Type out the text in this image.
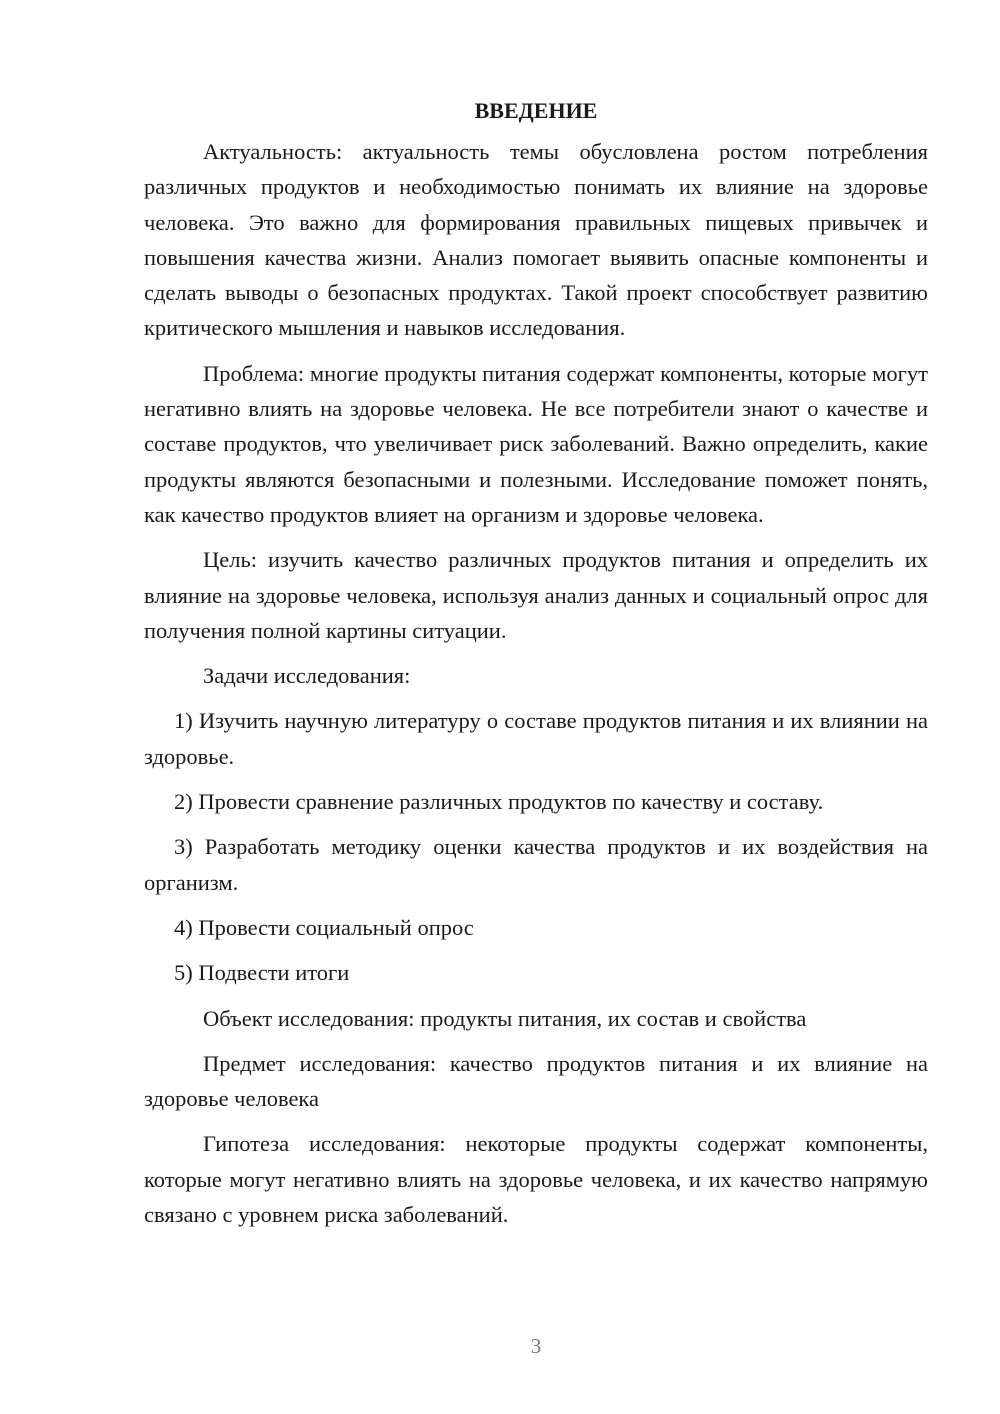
ВВЕДЕНИЕ

Актуальность: актуальность темы обусловлена ростом потребления различных продуктов и необходимостью понимать их влияние на здоровье человека. Это важно для формирования правильных пищевых привычек и повышения качества жизни. Анализ помогает выявить опасные компоненты и сделать выводы о безопасных продуктах. Такой проект способствует развитию критического мышления и навыков исследования.

Проблема: многие продукты питания содержат компоненты, которые могут негативно влиять на здоровье человека. Не все потребители знают о качестве и составе продуктов, что увеличивает риск заболеваний. Важно определить, какие продукты являются безопасными и полезными. Исследование поможет понять, как качество продуктов влияет на организм и здоровье человека.

Цель: изучить качество различных продуктов питания и определить их влияние на здоровье человека, используя анализ данных и социальный опрос для получения полной картины ситуации.

Задачи исследования:

1) Изучить научную литературу о составе продуктов питания и их влиянии на здоровье.

2) Провести сравнение различных продуктов по качеству и составу.

3) Разработать методику оценки качества продуктов и их воздействия на организм.

4) Провести социальный опрос

5) Подвести итоги

Объект исследования: продукты питания, их состав и свойства

Предмет исследования: качество продуктов питания и их влияние на здоровье человека

Гипотеза исследования: некоторые продукты содержат компоненты, которые могут негативно влиять на здоровье человека, и их качество напрямую связано с уровнем риска заболеваний.

3
